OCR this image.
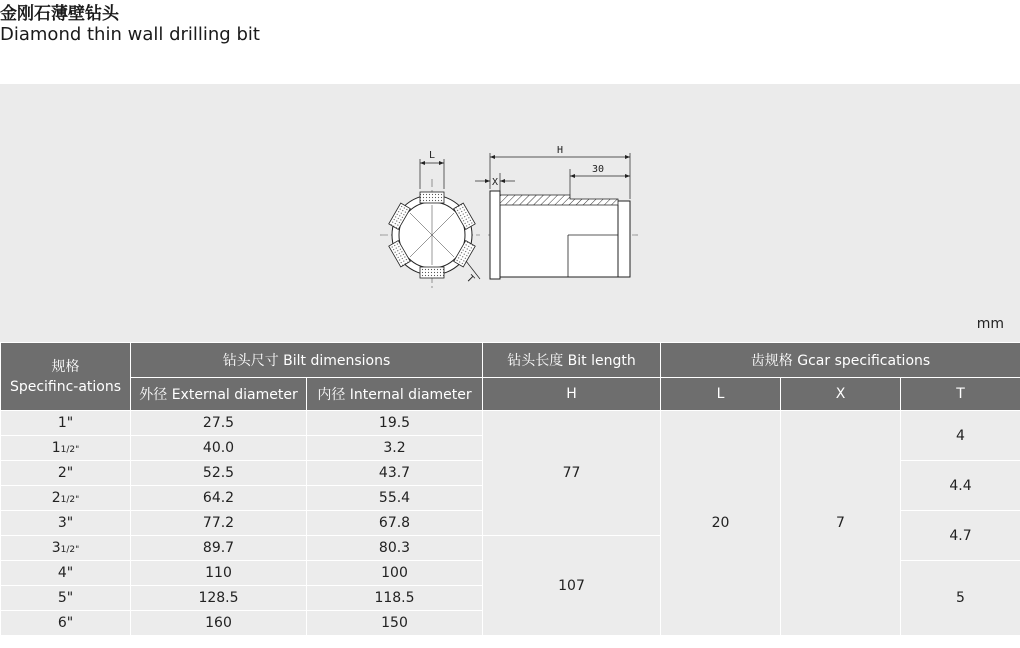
金刚石薄壁钻头
Diamond thin wall drilling bit
L
T
H
30
X
mm
规格
Specifinc-ations	钻头尺寸 Bilt dimensions		钻头长度 Bit length	齿规格 Gcar specifications		
	外径 External diameter	内径 Internal diameter	H	L	X	T
1"	27.5	19.5	77	20	7	4
11/2"	40.0	3.2				
2"	52.5	43.7				4.4
21/2"	64.2	55.4				
3"	77.2	67.8				4.7
31/2"	89.7	80.3	107			
4"	110	100				5
5"	128.5	118.5				
6"	160	150				
